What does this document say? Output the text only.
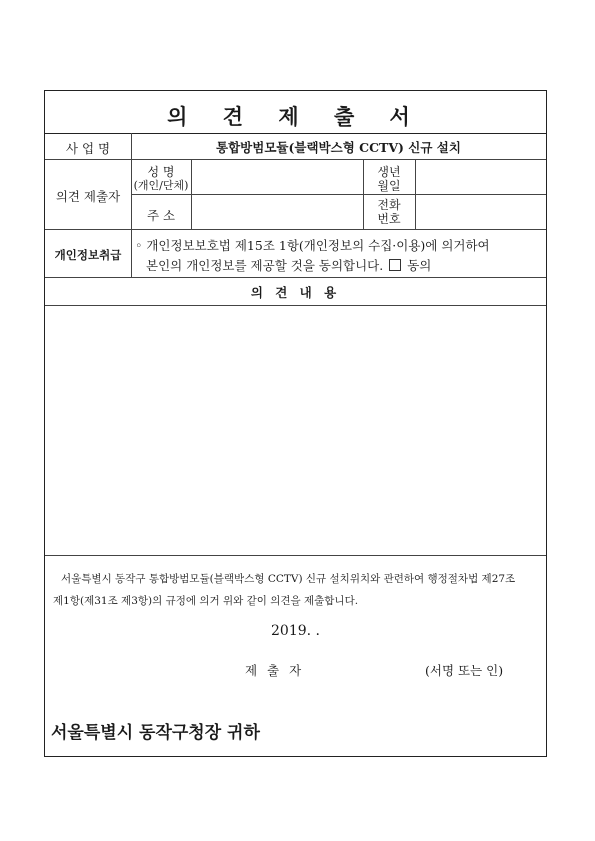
의 견 제 출 서
사 업 명	통합방범모듈(블랙박스형 CCTV) 신규 설치
의견 제출자
성 명
(개인/단체)
생년
월일
주 소
전화
번호
개인정보취급
◦ 개인정보보호법 제15조 1항(개인정보의 수집·이용)에 의거하여
본인의 개인정보를 제공할 것을 동의합니다. 동의
의 견 내 용
서울특별시 동작구 통합방범모듈(블랙박스형 CCTV) 신규 설치위치와 관련하여 행정절차법 제27조
제1항(제31조 제3항)의 규정에 의거 위와 같이 의견을 제출합니다.
2019. .
제 출 자	(서명 또는 인)
서울특별시 동작구청장 귀하
